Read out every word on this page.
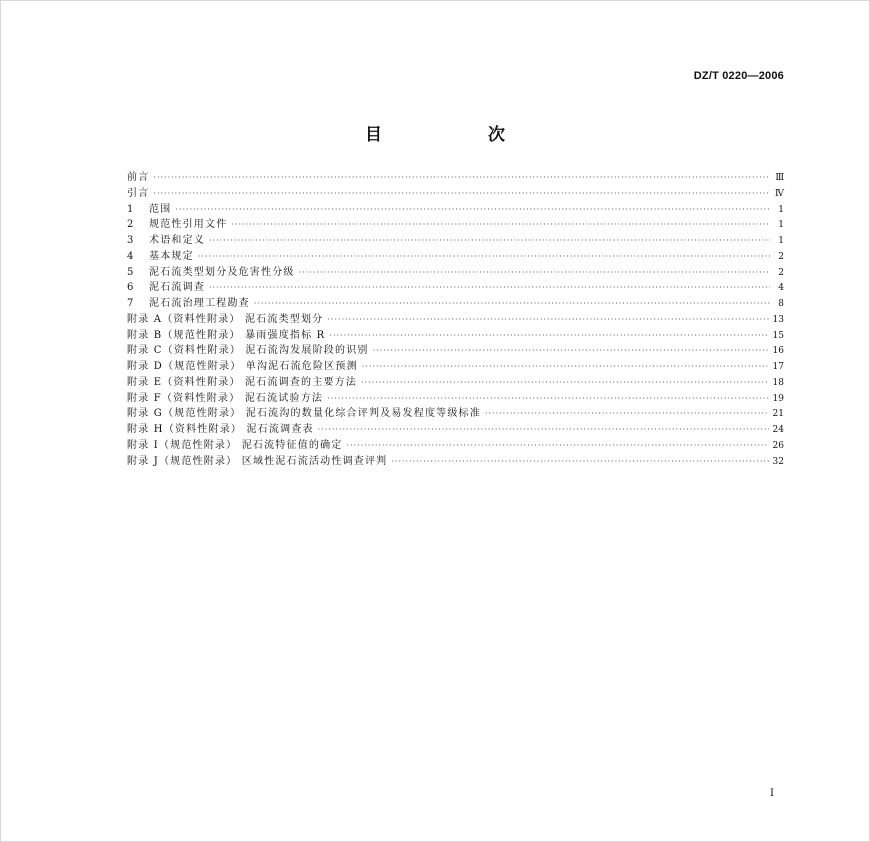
DZ/T 0220—2006
目 次
前言 ·····	Ⅲ
引言 ·····	Ⅳ
1	范围 ·····	1
2	规范性引用文件 ·····	1
3	术语和定义 ·····	1
4	基本规定 ·····	2
5	泥石流类型划分及危害性分级 ·····	2
6	泥石流调查 ·····	4
7	泥石流治理工程勘查 ·····	8
附录 A（资料性附录） 泥石流类型划分 ·····	13
附录 B（规范性附录） 暴雨强度指标 R ·····	15
附录 C（资料性附录） 泥石流沟发展阶段的识别 ·····	16
附录 D（规范性附录） 单沟泥石流危险区预测 ·····	17
附录 E（资料性附录） 泥石流调查的主要方法 ·····	18
附录 F（资料性附录） 泥石流试验方法 ·····	19
附录 G（规范性附录） 泥石流沟的数量化综合评判及易发程度等级标准 ·····	21
附录 H（资料性附录） 泥石流调查表 ·····	24
附录 I（规范性附录） 泥石流特征值的确定 ·····	26
附录 J（规范性附录） 区域性泥石流活动性调查评判 ·····	32
I
